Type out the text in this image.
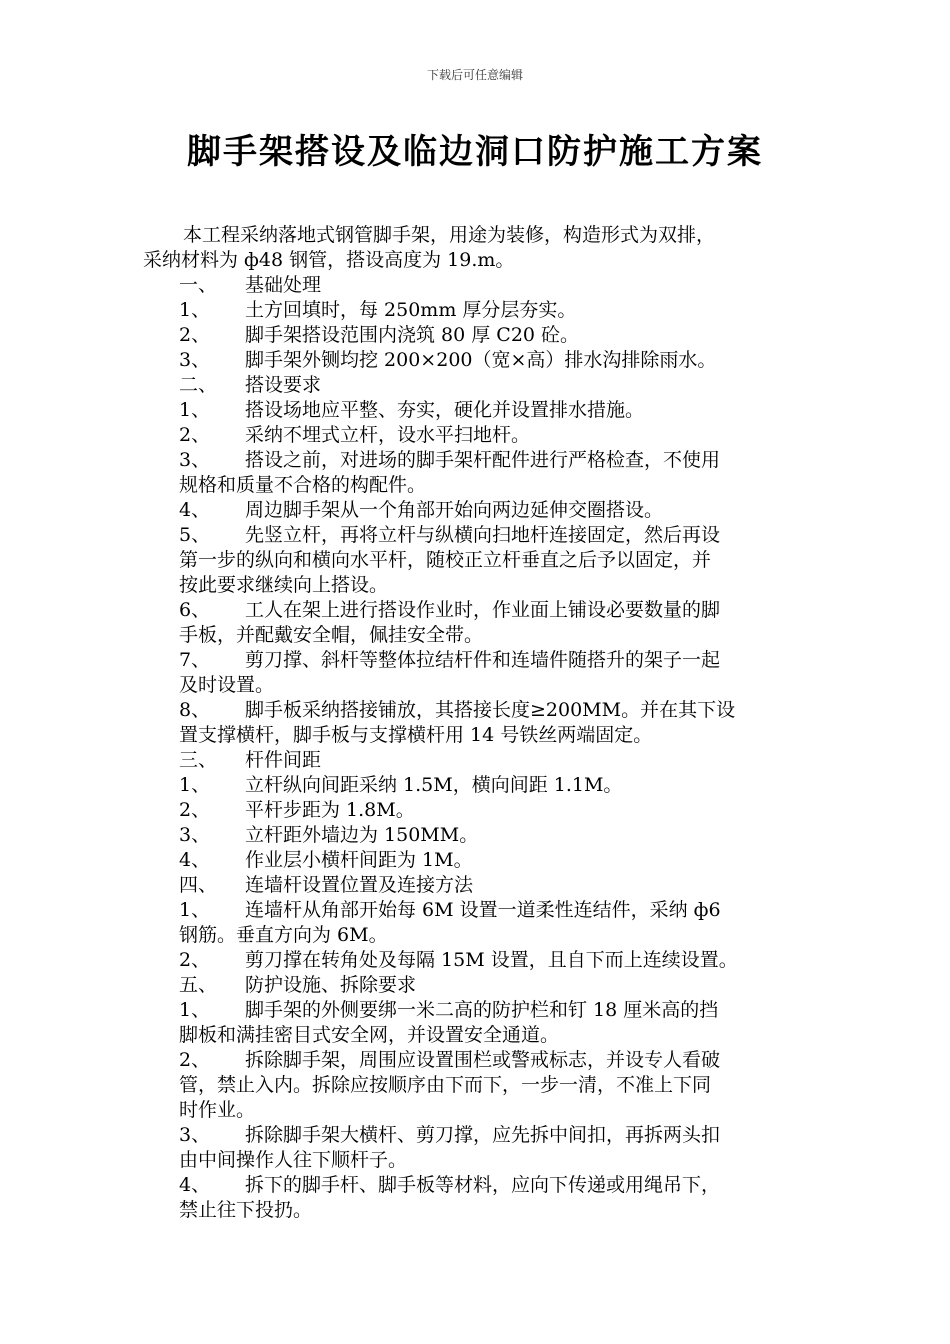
下载后可任意编辑
脚手架搭设及临边洞口防护施工方案

本工程采纳落地式钢管脚手架，用途为装修，构造形式为双排，

采纳材料为 ф48 钢管，搭设高度为 19.m。

一、	基础处理
1、	土方回填时，每 250mm 厚分层夯实。
2、	脚手架搭设范围内浇筑 80 厚 C20 砼。
3、	脚手架外铡均挖 200×200（宽×高）排水沟排除雨水。
二、	搭设要求
1、	搭设场地应平整、夯实，硬化并设置排水措施。
2、	采纳不埋式立杆，设水平扫地杆。
3、	搭设之前，对进场的脚手架杆配件进行严格检查，不使用
规格和质量不合格的构配件。
4、	周边脚手架从一个角部开始向两边延伸交圈搭设。
5、	先竖立杆，再将立杆与纵横向扫地杆连接固定，然后再设
第一步的纵向和横向水平杆，随校正立杆垂直之后予以固定，并
按此要求继续向上搭设。
6、	工人在架上进行搭设作业时，作业面上铺设必要数量的脚
手板，并配戴安全帽，佩挂安全带。
7、	剪刀撑、斜杆等整体拉结杆件和连墙件随搭升的架子一起
及时设置。
8、	脚手板采纳搭接铺放，其搭接长度≥200MM。并在其下设
置支撑横杆，脚手板与支撑横杆用 14 号铁丝两端固定。
三、	杆件间距
1、	立杆纵向间距采纳 1.5M，横向间距 1.1M。
2、	平杆步距为 1.8M。
3、	立杆距外墙边为 150MM。
4、	作业层小横杆间距为 1M。
四、	连墙杆设置位置及连接方法
1、	连墙杆从角部开始每 6M 设置一道柔性连结件，采纳 ф6
钢筋。垂直方向为 6M。
2、	剪刀撑在转角处及每隔 15M 设置，且自下而上连续设置。
五、	防护设施、拆除要求
1、	脚手架的外侧要绑一米二高的防护栏和钉 18 厘米高的挡
脚板和满挂密目式安全网，并设置安全通道。
2、	拆除脚手架，周围应设置围栏或警戒标志，并设专人看破
管，禁止入内。拆除应按顺序由下而下，一步一清，不准上下同
时作业。
3、	拆除脚手架大横杆、剪刀撑，应先拆中间扣，再拆两头扣
由中间操作人往下顺杆子。
4、	拆下的脚手杆、脚手板等材料，应向下传递或用绳吊下，
禁止往下投扔。
